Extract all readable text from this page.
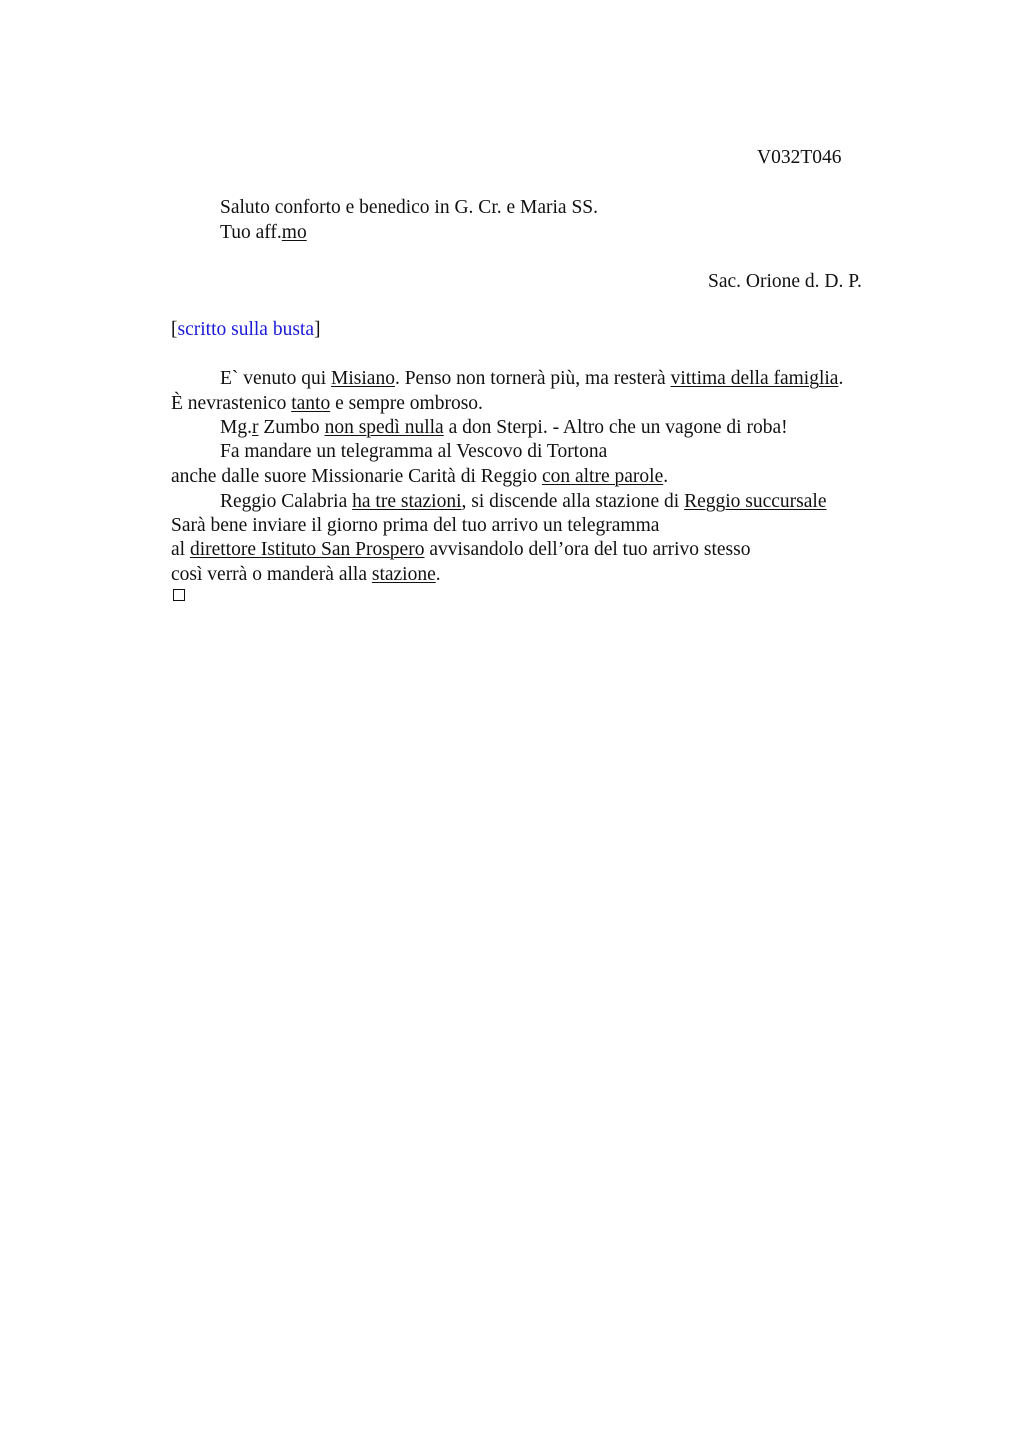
V032T046
Saluto conforto e benedico in G. Cr. e Maria SS.
Tuo aff.mo
Sac. Orione d. D. P.
[scritto sulla busta]
E` venuto qui Misiano. Penso non tornerà più, ma resterà vittima della famiglia.
È nevrastenico tanto e sempre ombroso.
Mg.r Zumbo non spedì nulla a don Sterpi. - Altro che un vagone di roba!
Fa mandare un telegramma al Vescovo di Tortona
anche dalle suore Missionarie Carità di Reggio con altre parole.
Reggio Calabria ha tre stazioni, si discende alla stazione di Reggio succursale
Sarà bene inviare il giorno prima del tuo arrivo un telegramma
al direttore Istituto San Prospero avvisandolo dell’ora del tuo arrivo stesso
così verrà o manderà alla stazione.
